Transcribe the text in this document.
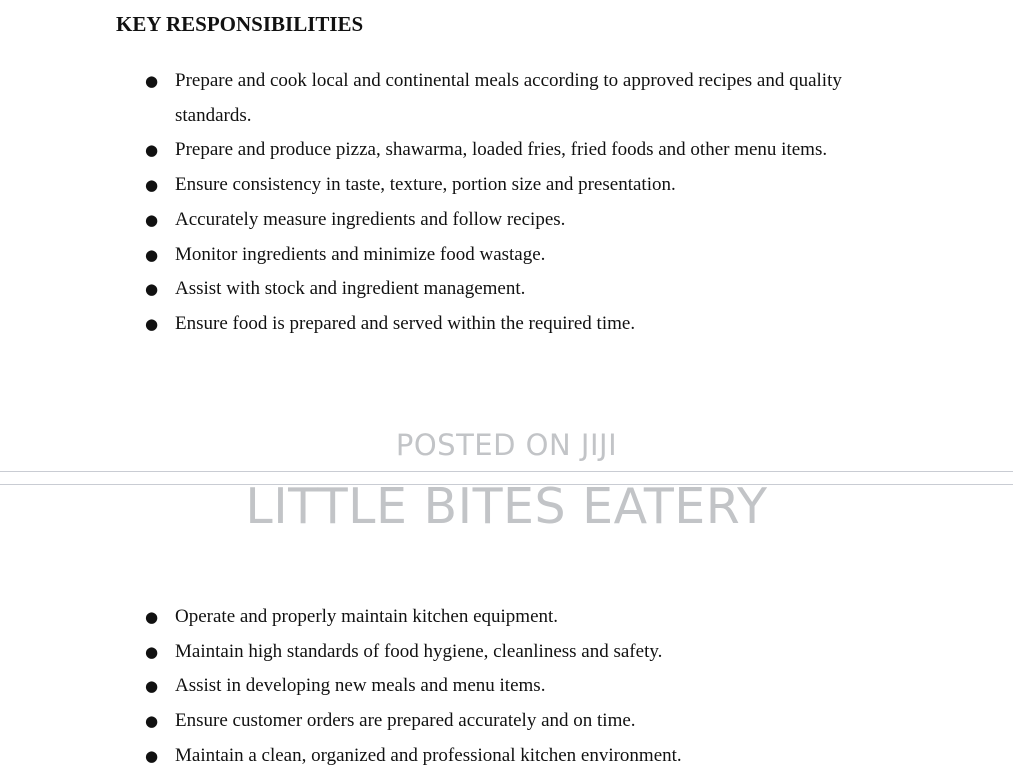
KEY RESPONSIBILITIES
● Prepare and cook local and continental meals according to approved recipes and quality standards.
● Prepare and produce pizza, shawarma, loaded fries, fried foods and other menu items.
● Ensure consistency in taste, texture, portion size and presentation.
● Accurately measure ingredients and follow recipes.
● Monitor ingredients and minimize food wastage.
● Assist with stock and ingredient management.
● Ensure food is prepared and served within the required time.
POSTED ON JIJI
LITTLE BITES EATERY
● Operate and properly maintain kitchen equipment.
● Maintain high standards of food hygiene, cleanliness and safety.
● Assist in developing new meals and menu items.
● Ensure customer orders are prepared accurately and on time.
● Maintain a clean, organized and professional kitchen environment.
